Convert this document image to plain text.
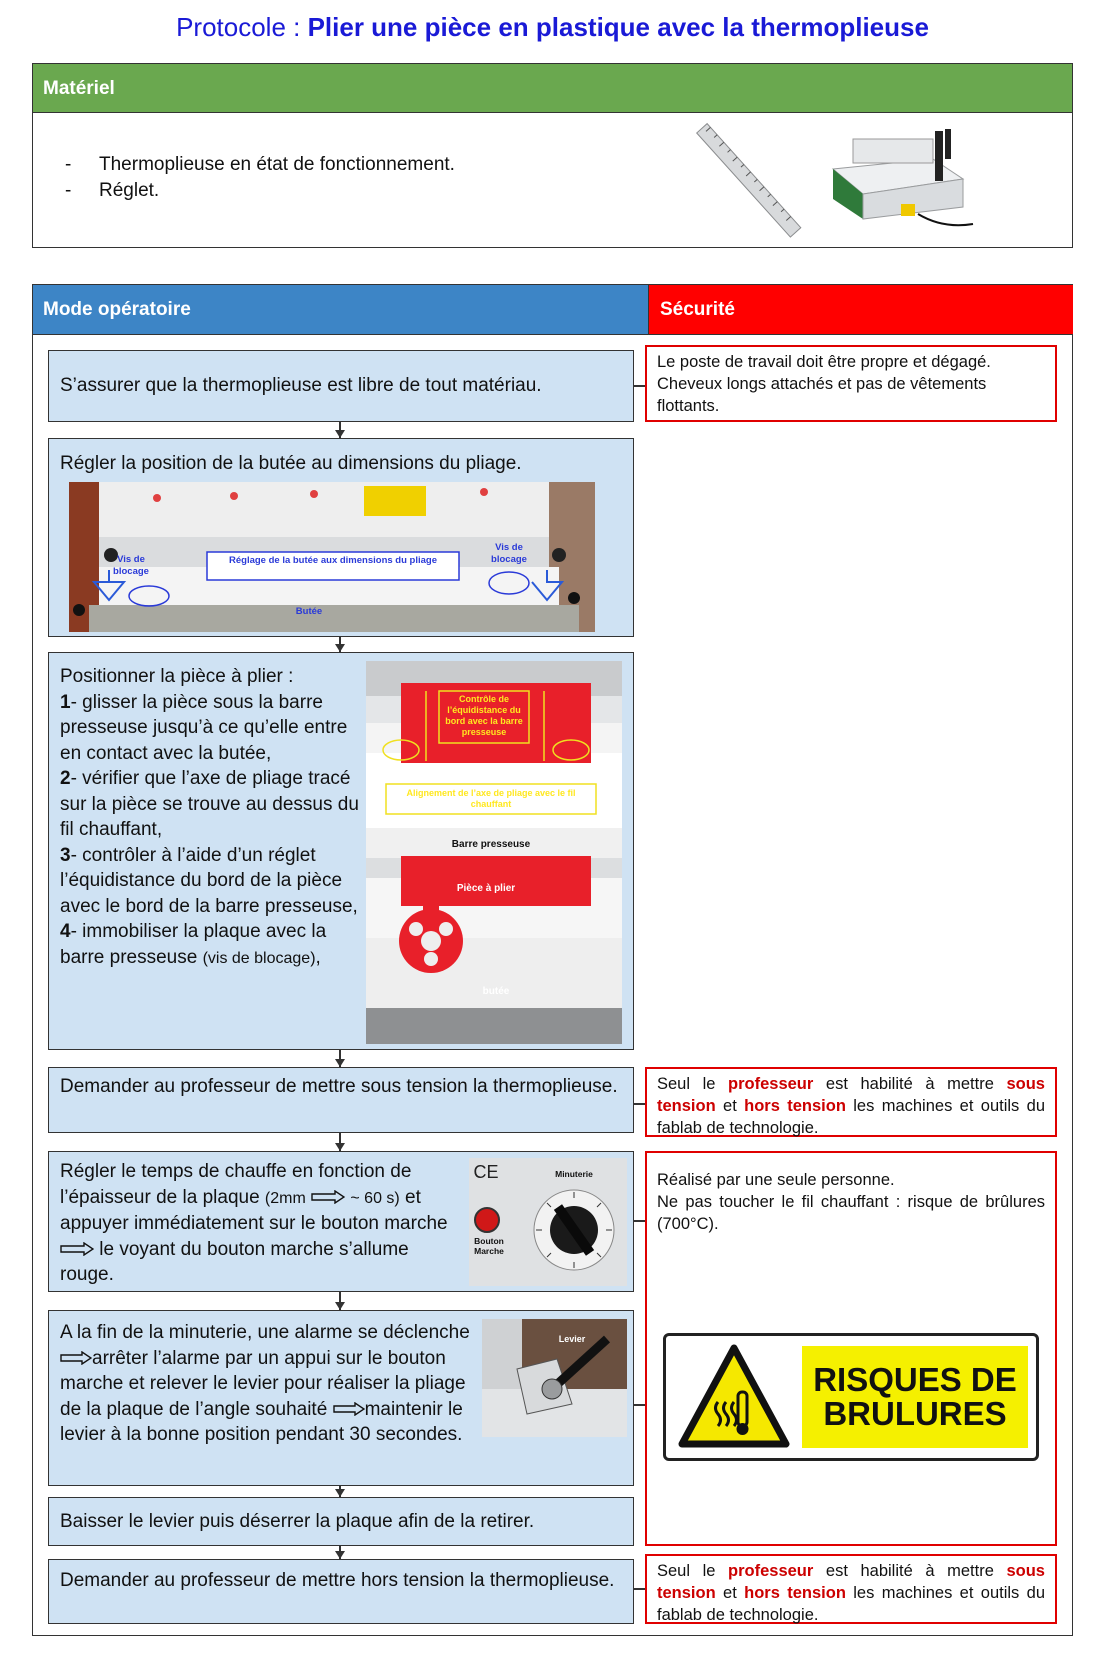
Protocole : Plier une pièce en plastique avec la thermoplieuse
Matériel
- Thermoplieuse en état de fonctionnement.
- Réglet.
Mode opératoire	Sécurité
S’assurer que la thermoplieuse est libre de tout matériau.
Régler la position de la butée au dimensions du pliage.
Vis de blocage
Vis de blocage
Réglage de la butée aux dimensions du pliage
Butée
Positionner la pièce à plier :
1- glisser la pièce sous la barre presseuse jusqu’à ce qu’elle entre en contact avec la butée,
2- vérifier que l’axe de pliage tracé sur la pièce se trouve au dessus du fil chauffant,
3- contrôler à l’aide d’un réglet l’équidistance du bord de la pièce avec le bord de la barre presseuse,
4- immobiliser la plaque avec la barre presseuse (vis de blocage),
Contrôle de l’équidistance du bord avec la barre presseuse
Alignement de l’axe de pliage avec le fil chauffant
Barre presseuse
Pièce à plier
butée
Demander au professeur de mettre sous tension la thermoplieuse.
Régler le temps de chauffe en fonction de l’épaisseur de la plaque (2mm	~ 60 s) et appuyer immédiatement sur le bouton marche  le voyant du bouton marche s’allume rouge.
CE	Minuterie
Bouton Marche
A la fin de la minuterie, une alarme se déclenche arrêter l’alarme par un appui sur le bouton marche et relever le levier pour réaliser la pliage de la plaque de l’angle souhaité maintenir le levier à la bonne position pendant 30 secondes.
Levier
Baisser le levier puis déserrer la plaque afin de la retirer.
Demander au professeur de mettre hors tension la thermoplieuse.
Le poste de travail doit être propre et dégagé. Cheveux longs attachés et pas de vêtements flottants.
Seul le professeur est habilité à mettre sous tension et hors tension les machines et outils du fablab de technologie.
Réalisé par une seule personne.
Ne pas toucher le fil chauffant : risque de brûlures (700°C).
RISQUES DE BRULURES
Seul le professeur est habilité à mettre sous tension et hors tension les machines et outils du fablab de technologie.
